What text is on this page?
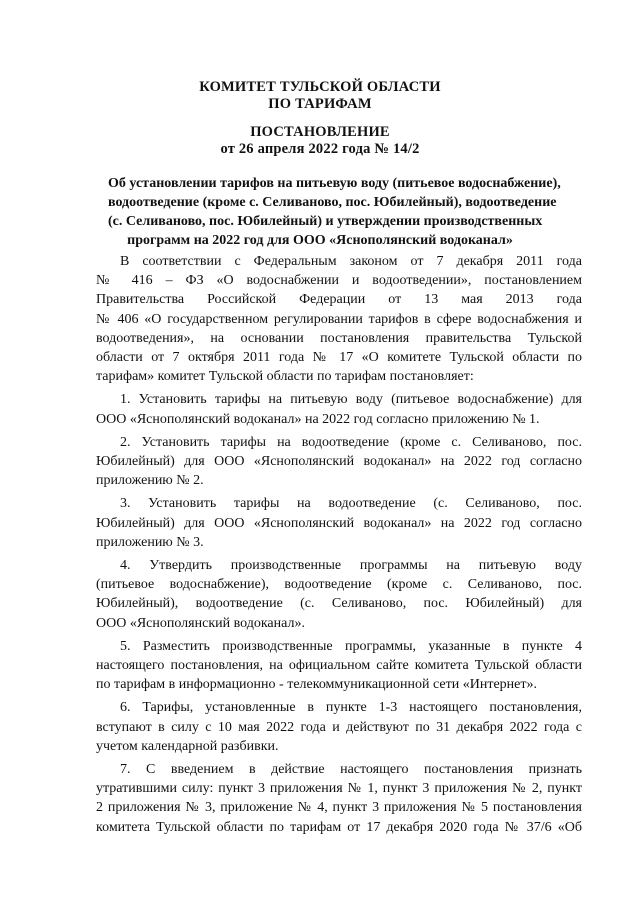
КОМИТЕТ ТУЛЬСКОЙ ОБЛАСТИ
ПО ТАРИФАМ
ПОСТАНОВЛЕНИЕ
от 26 апреля 2022 года № 14/2
Об установлении тарифов на питьевую воду (питьевое водоснабжение),
водоотведение (кроме с. Селиваново, пос. Юбилейный), водоотведение
(с. Селиваново, пос. Юбилейный) и утверждении производственных
программ на 2022 год для ООО «Яснополянский водоканал»
В соответствии с Федеральным законом от 7 декабря 2011 года
№ 416 – ФЗ «О водоснабжении и водоотведении», постановлением
Правительства Российской Федерации от 13 мая 2013 года
№ 406 «О государственном регулировании тарифов в сфере водоснабжения и
водоотведения», на основании постановления правительства Тульской
области от 7 октября 2011 года № 17 «О комитете Тульской области по
тарифам» комитет Тульской области по тарифам постановляет:
1. Установить тарифы на питьевую воду (питьевое водоснабжение) для
ООО «Яснополянский водоканал» на 2022 год согласно приложению № 1.
2. Установить тарифы на водоотведение (кроме с. Селиваново, пос.
Юбилейный) для ООО «Яснополянский водоканал» на 2022 год согласно
приложению № 2.
3. Установить тарифы на водоотведение (с. Селиваново, пос.
Юбилейный) для ООО «Яснополянский водоканал» на 2022 год согласно
приложению № 3.
4. Утвердить производственные программы на питьевую воду
(питьевое водоснабжение), водоотведение (кроме с. Селиваново, пос.
Юбилейный), водоотведение (с. Селиваново, пос. Юбилейный) для
ООО «Яснополянский водоканал».
5. Разместить производственные программы, указанные в пункте 4
настоящего постановления, на официальном сайте комитета Тульской области
по тарифам в информационно - телекоммуникационной сети «Интернет».
6. Тарифы, установленные в пункте 1-3 настоящего постановления,
вступают в силу с 10 мая 2022 года и действуют по 31 декабря 2022 года с
учетом календарной разбивки.
7. С введением в действие настоящего постановления признать
утратившими силу: пункт 3 приложения № 1, пункт 3 приложения № 2, пункт
2 приложения № 3, приложение № 4, пункт 3 приложения № 5 постановления
комитета Тульской области по тарифам от 17 декабря 2020 года № 37/6 «Об
